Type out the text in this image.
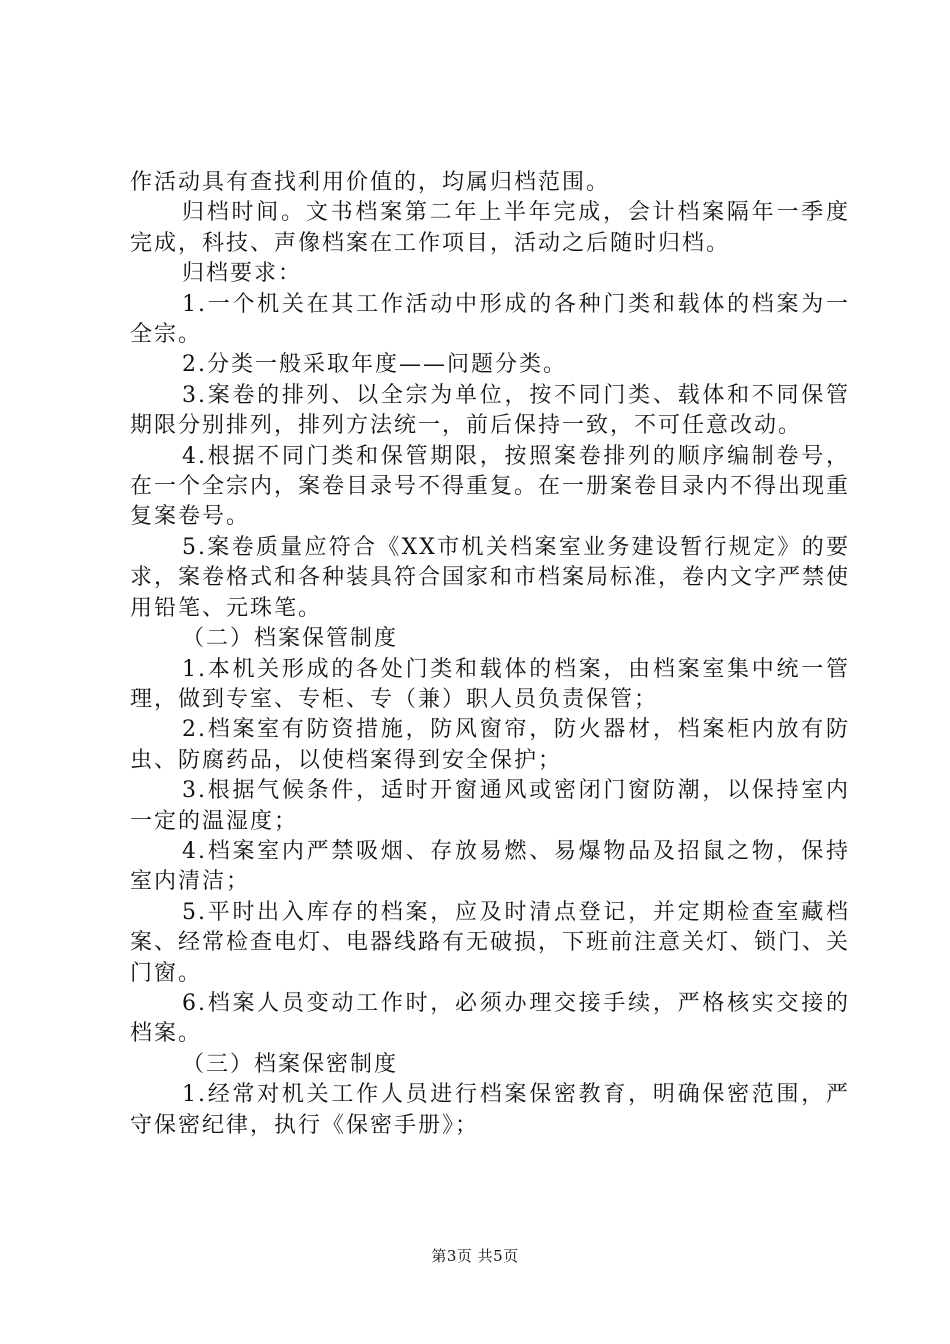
作活动具有查找利用价值的，均属归档范围。

归档时间。文书档案第二年上半年完成，会计档案隔年一季度完成，科技、声像档案在工作项目，活动之后随时归档。

归档要求：

1.一个机关在其工作活动中形成的各种门类和载体的档案为一全宗。

2.分类一般采取年度——问题分类。

3.案卷的排列、以全宗为单位，按不同门类、载体和不同保管期限分别排列，排列方法统一，前后保持一致，不可任意改动。

4.根据不同门类和保管期限，按照案卷排列的顺序编制卷号，在一个全宗内，案卷目录号不得重复。在一册案卷目录内不得出现重复案卷号。

5.案卷质量应符合《XX市机关档案室业务建设暂行规定》的要求，案卷格式和各种装具符合国家和市档案局标准，卷内文字严禁使用铅笔、元珠笔。

（二）档案保管制度

1.本机关形成的各处门类和载体的档案，由档案室集中统一管理，做到专室、专柜、专（兼）职人员负责保管；

2.档案室有防资措施，防风窗帘，防火器材，档案柜内放有防虫、防腐药品，以使档案得到安全保护；

3.根据气候条件，适时开窗通风或密闭门窗防潮，以保持室内一定的温湿度；

4.档案室内严禁吸烟、存放易燃、易爆物品及招鼠之物，保持室内清洁；

5.平时出入库存的档案，应及时清点登记，并定期检查室藏档案、经常检查电灯、电器线路有无破损，下班前注意关灯、锁门、关门窗。

6.档案人员变动工作时，必须办理交接手续，严格核实交接的档案。

（三）档案保密制度

1.经常对机关工作人员进行档案保密教育，明确保密范围，严守保密纪律，执行《保密手册》；

第3页 共5页
